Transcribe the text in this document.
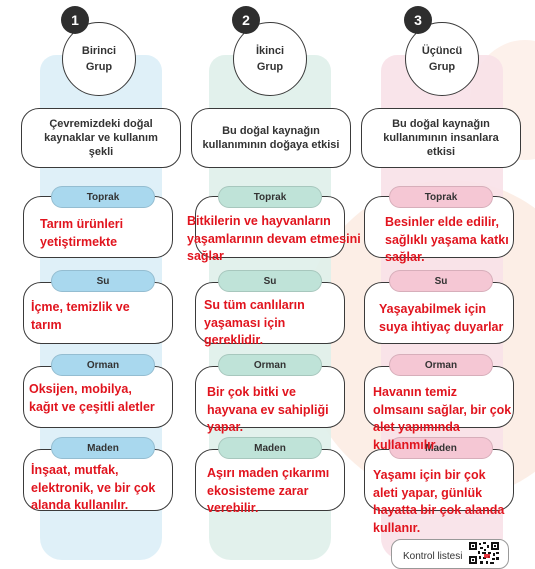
1
Birinci
Grup
Çevremizdeki doğal kaynaklar ve kullanım şekli
Toprak
Tarım ürünleri
yetiştirmekte
Su
İçme, temizlik ve
tarım
Orman
Oksijen, mobilya,
kağıt ve çeşitli aletler
Maden
İnşaat, mutfak,
elektronik, ve bir çok
alanda kullanılır.
2
İkinci
Grup
Bu doğal kaynağın kullanımının doğaya etkisi
Toprak
Bitkilerin ve hayvanların
yaşamlarının devam etmesini
sağlar
Su
Su tüm canlıların
yaşaması için
gereklidir.
Orman
Bir çok bitki ve
hayvana ev sahipliği
yapar.
Maden
Aşırı maden çıkarımı
ekosisteme zarar
verebilir.
3
Üçüncü
Grup
Bu doğal kaynağın kullanımının insanlara etkisi
Toprak
Besinler elde edilir,
sağlıklı yaşama katkı
sağlar.
Su
Yaşayabilmek için
suya ihtiyaç duyarlar
Orman
Havanın temiz
olmsaını sağlar, bir çok
alet yapımında
kullanmılır
Maden
Yaşamı için bir çok
aleti yapar, günlük
hayatta bir çok alanda
kullanır.
Kontrol listesi
